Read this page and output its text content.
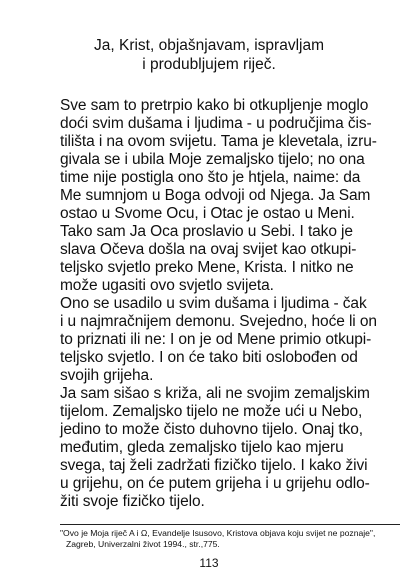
Ja, Krist, objašnjavam, ispravljam
i produbljujem riječ.
Sve sam to pretrpio kako bi otkupljenje moglo
doći svim dušama i ljudima - u područjima čis-
tilišta i na ovom svijetu. Tama je klevetala, izru-
givala se i ubila Moje zemaljsko tijelo; no ona
time nije postigla ono što je htjela, naime: da
Me sumnjom u Boga odvoji od Njega. Ja Sam
ostao u Svome Ocu, i Otac je ostao u Meni.
Tako sam Ja Oca proslavio u Sebi. I tako je
slava Očeva došla na ovaj svijet kao otkupi-
teljsko svjetlo preko Mene, Krista. I nitko ne
može ugasiti ovo svjetlo svijeta.
Ono se usadilo u svim dušama i ljudima - čak
i u najmračnijem demonu. Svejedno, hoće li on
to priznati ili ne: I on je od Mene primio otkupi-
teljsko svjetlo. I on će tako biti oslobođen od
svojih grijeha.
Ja sam sišao s križa, ali ne svojim zemaljskim
tijelom. Zemaljsko tijelo ne može ući u Nebo,
jedino to može čisto duhovno tijelo. Onaj tko,
međutim, gleda zemaljsko tijelo kao mjeru
svega, taj želi zadržati fizičko tijelo. I kako živi
u grijehu, on će putem grijeha i u grijehu odlo-
žiti svoje fizičko tijelo.
"Ovo je Moja riječ A i Ω, Evandelje Isusovo, Kristova objava koju svijet ne poznaje",
Zagreb, Univerzalni život 1994., str.,775.
113
